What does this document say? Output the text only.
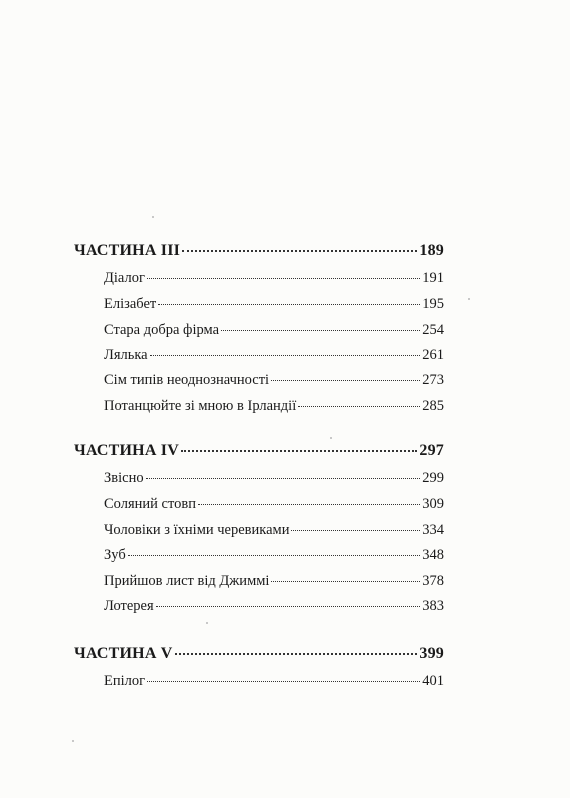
ЧАСТИНА ІІІ	189
Діалог	191
Елізабет	195
Стара добра фірма	254
Лялька	261
Сім типів неоднозначності	273
Потанцюйте зі мною в Ірландії	285
ЧАСТИНА IV	297
Звісно	299
Соляний стовп	309
Чоловіки з їхніми черевиками	334
Зуб	348
Прийшов лист від Джиммі	378
Лотерея	383
ЧАСТИНА V	399
Епілог	401
